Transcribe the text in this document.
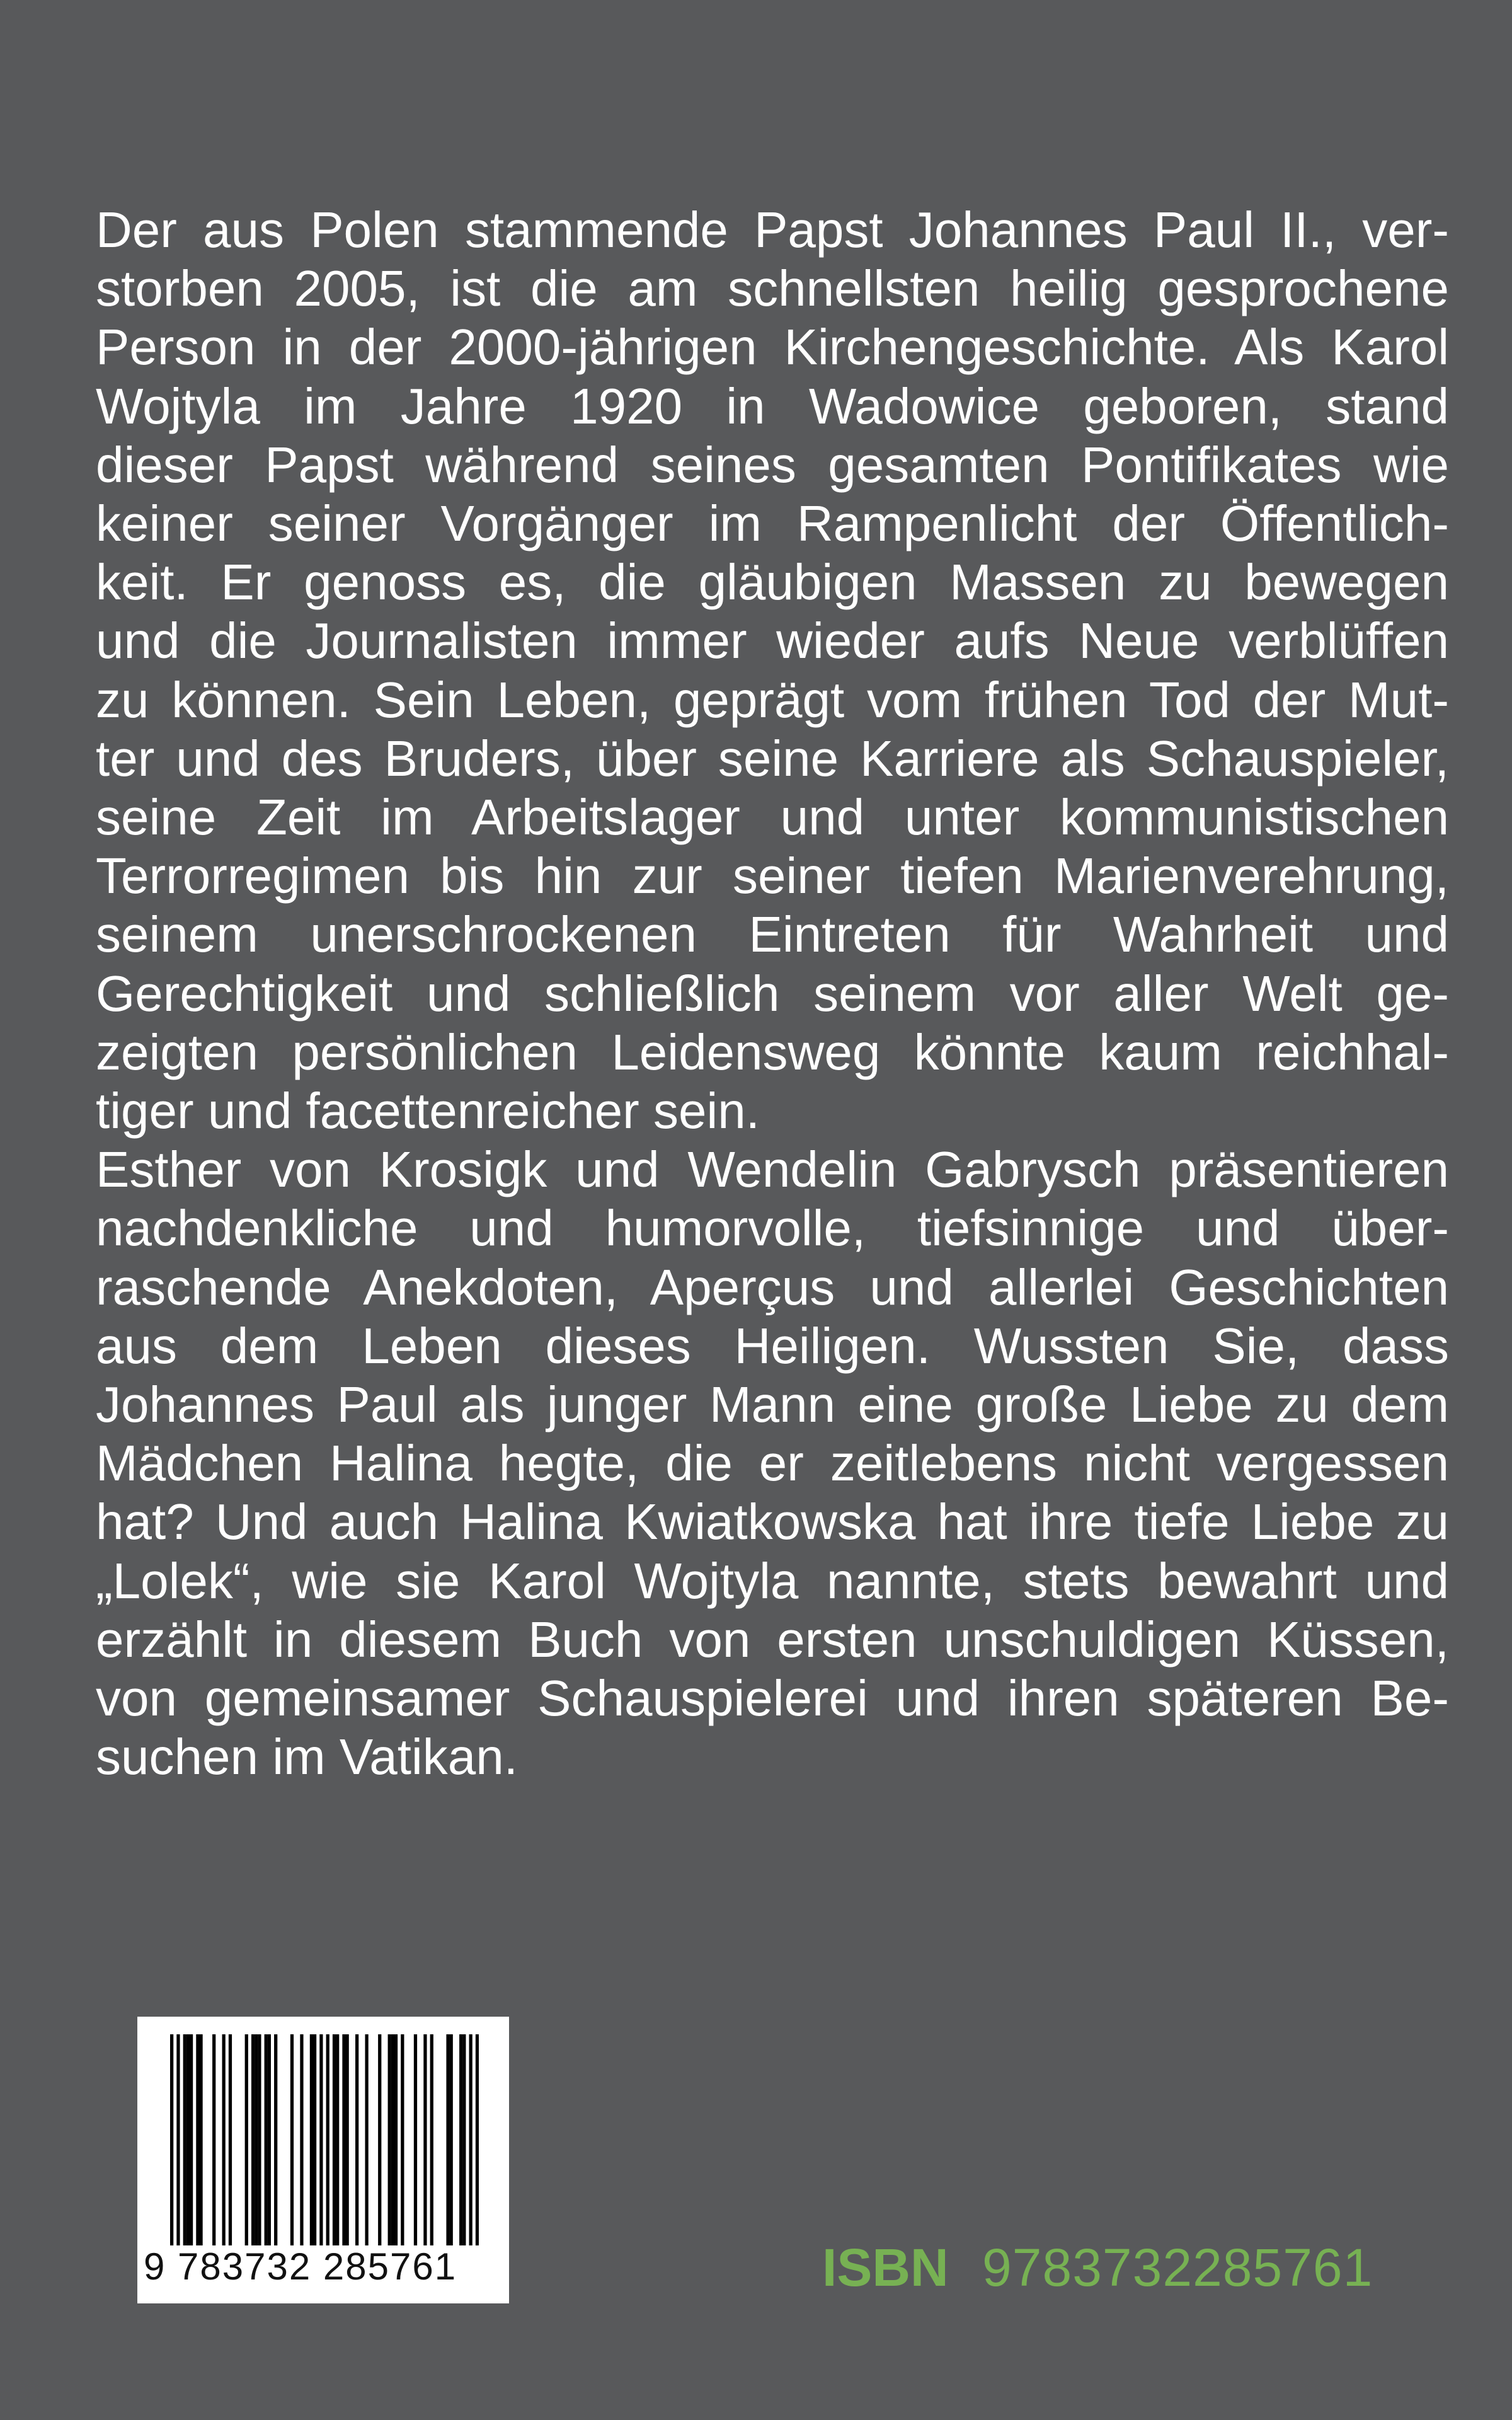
Der aus Polen stammende Papst Johannes Paul II., ver-
storben 2005, ist die am schnellsten heilig gesprochene
Person in der 2000-jährigen Kirchengeschichte. Als Karol
Wojtyla im Jahre 1920 in Wadowice geboren, stand
dieser Papst während seines gesamten Pontifikates wie
keiner seiner Vorgänger im Rampenlicht der Öffentlich-
keit. Er genoss es, die gläubigen Massen zu bewegen
und die Journalisten immer wieder aufs Neue verblüffen
zu können. Sein Leben, geprägt vom frühen Tod der Mut-
ter und des Bruders, über seine Karriere als Schauspieler,
seine Zeit im Arbeitslager und unter kommunistischen
Terrorregimen bis hin zur seiner tiefen Marienverehrung,
seinem unerschrockenen Eintreten für Wahrheit und
Gerechtigkeit und schließlich seinem vor aller Welt ge-
zeigten persönlichen Leidensweg könnte kaum reichhal-
tiger und facettenreicher sein.

Esther von Krosigk und Wendelin Gabrysch präsentieren
nachdenkliche und humorvolle, tiefsinnige und über-
raschende Anekdoten, Aperçus und allerlei Geschichten
aus dem Leben dieses Heiligen. Wussten Sie, dass
Johannes Paul als junger Mann eine große Liebe zu dem
Mädchen Halina hegte, die er zeitlebens nicht vergessen
hat? Und auch Halina Kwiatkowska hat ihre tiefe Liebe zu
„Lolek“, wie sie Karol Wojtyla nannte, stets bewahrt und
erzählt in diesem Buch von ersten unschuldigen Küssen,
von gemeinsamer Schauspielerei und ihren späteren Be-
suchen im Vatikan.

9 783732 285761	ISBN 9783732285761
